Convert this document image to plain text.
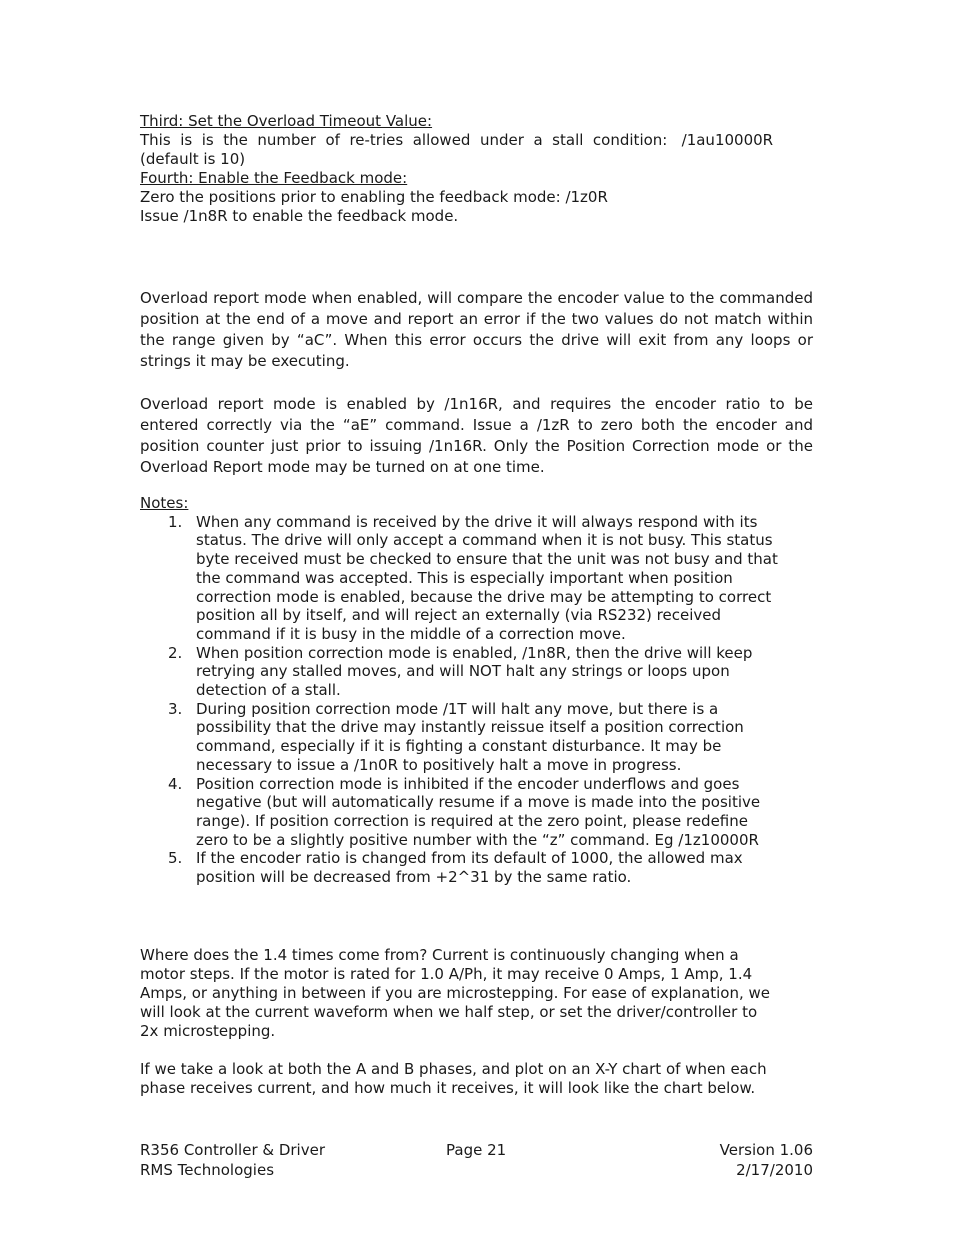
Third: Set the Overload Timeout Value:

This  is  is  the  number  of  re-tries  allowed  under  a  stall  condition:   /1au10000R

(default is 10)

Fourth: Enable the Feedback mode:

Zero the positions prior to enabling the feedback mode: /1z0R

Issue /1n8R to enable the feedback mode.

Overload report mode when enabled, will compare the encoder value to the commanded position at the end of a move and report an error if the two values do not match within the range given by “aC”. When this error occurs the drive will exit from any loops or strings it may be executing.

Overload report mode is enabled by /1n16R, and requires the encoder ratio to be entered correctly via the “aE” command. Issue a /1zR to zero both the encoder and position counter just prior to issuing /1n16R. Only the Position Correction mode or the Overload Report mode may be turned on at one time.

Notes:

1. When any command is received by the drive it will always respond with its
status. The drive will only accept a command when it is not busy. This status
byte received must be checked to ensure that the unit was not busy and that
the command was accepted. This is especially important when position
correction mode is enabled, because the drive may be attempting to correct
position all by itself, and will reject an externally (via RS232) received
command if it is busy in the middle of a correction move.
2. When position correction mode is enabled, /1n8R, then the drive will keep
retrying any stalled moves, and will NOT halt any strings or loops upon
detection of a stall.
3. During position correction mode /1T will halt any move, but there is a
possibility that the drive may instantly reissue itself a position correction
command, especially if it is fighting a constant disturbance. It may be
necessary to issue a /1n0R to positively halt a move in progress.
4. Position correction mode is inhibited if the encoder underflows and goes
negative (but will automatically resume if a move is made into the positive
range). If position correction is required at the zero point, please redefine
zero to be a slightly positive number with the “z” command. Eg /1z10000R
5. If the encoder ratio is changed from its default of 1000, the allowed max
position will be decreased from +2^31 by the same ratio.

Where does the 1.4 times come from? Current is continuously changing when a

motor steps. If the motor is rated for 1.0 A/Ph, it may receive 0 Amps, 1 Amp, 1.4

Amps, or anything in between if you are microstepping. For ease of explanation, we

will look at the current waveform when we half step, or set the driver/controller to

2x microstepping.

If we take a look at both the A and B phases, and plot on an X-Y chart of when each

phase receives current, and how much it receives, it will look like the chart below.

R356 Controller & Driver
RMS Technologies
Page 21	Version 1.06
2/17/2010
